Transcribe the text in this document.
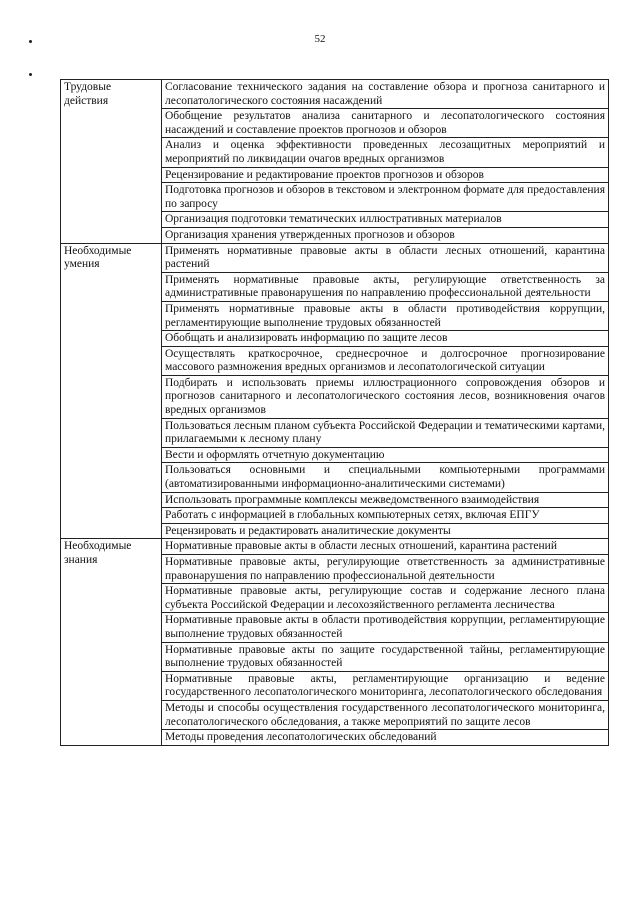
52
Трудовые действия	Согласование технического задания на составление обзора и прогноза санитарного и лесопатологического состояния насаждений
	Обобщение результатов анализа санитарного и лесопатологического состояния насаждений и составление проектов прогнозов и обзоров
	Анализ и оценка эффективности проведенных лесозащитных мероприятий и мероприятий по ликвидации очагов вредных организмов
	Рецензирование и редактирование проектов прогнозов и обзоров
	Подготовка прогнозов и обзоров в текстовом и электронном формате для предоставления по запросу
	Организация подготовки тематических иллюстративных материалов
	Организация хранения утвержденных прогнозов и обзоров
Необходимые умения	Применять нормативные правовые акты в области лесных отношений, карантина растений
	Применять нормативные правовые акты, регулирующие ответственность за административные правонарушения по направлению профессиональной деятельности
	Применять нормативные правовые акты в области противодействия коррупции, регламентирующие выполнение трудовых обязанностей
	Обобщать и анализировать информацию по защите лесов
	Осуществлять краткосрочное, среднесрочное и долгосрочное прогнозирование массового размножения вредных организмов и лесопатологической ситуации
	Подбирать и использовать приемы иллюстрационного сопровождения обзоров и прогнозов санитарного и лесопатологического состояния лесов, возникновения очагов вредных организмов
	Пользоваться лесным планом субъекта Российской Федерации и тематическими картами, прилагаемыми к лесному плану
	Вести и оформлять отчетную документацию
	Пользоваться основными и специальными компьютерными программами (автоматизированными информационно-аналитическими системами)
	Использовать программные комплексы межведомственного взаимодействия
	Работать с информацией в глобальных компьютерных сетях, включая ЕПГУ
	Рецензировать и редактировать аналитические документы
Необходимые знания	Нормативные правовые акты в области лесных отношений, карантина растений
	Нормативные правовые акты, регулирующие ответственность за административные правонарушения по направлению профессиональной деятельности
	Нормативные правовые акты, регулирующие состав и содержание лесного плана субъекта Российской Федерации и лесохозяйственного регламента лесничества
	Нормативные правовые акты в области противодействия коррупции, регламентирующие выполнение трудовых обязанностей
	Нормативные правовые акты по защите государственной тайны, регламентирующие выполнение трудовых обязанностей
	Нормативные правовые акты, регламентирующие организацию и ведение государственного лесопатологического мониторинга, лесопатологического обследования
	Методы и способы осуществления государственного лесопатологического мониторинга, лесопатологического обследования, а также мероприятий по защите лесов
	Методы проведения лесопатологических обследований
